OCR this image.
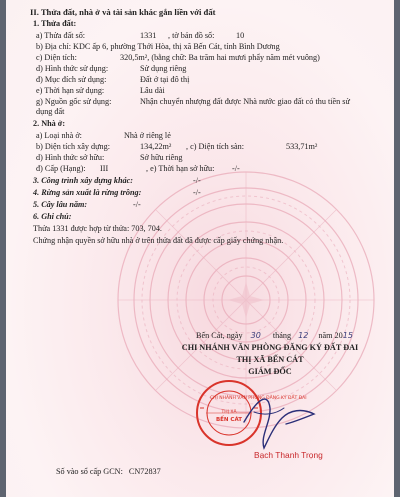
II. Thửa đất, nhà ở và tài sản khác gắn liền với đất
1. Thửa đất:
a) Thửa đất số:	1331 , tờ bản đồ số:	10
b) Địa chỉ: KDC ấp 6, phường Thới Hòa, thị xã Bến Cát, tỉnh Bình Dương
c) Diện tích:	320,5m², (bằng chữ: Ba trăm hai mươi phẩy năm mét vuông)
d) Hình thức sử dụng:	Sử dụng riêng
đ) Mục đích sử dụng:	Đất ở tại đô thị
e) Thời hạn sử dụng:	Lâu dài
g) Nguồn gốc sử dụng:	Nhận chuyển nhượng đất được Nhà nước giao đất có thu tiền sử
dụng đất
2. Nhà ở:
a) Loại nhà ở:	Nhà ở riêng lẻ
b) Diện tích xây dựng:	134,22m² , c) Diện tích sàn:	533,71m²
d) Hình thức sở hữu:	Sở hữu riêng
đ) Cấp (Hạng): III	, e) Thời hạn sở hữu: -/-
3. Công trình xây dựng khác:	-/-
4. Rừng sản xuất là rừng trồng:	-/-
5. Cây lâu năm:	-/-
6. Ghi chú:
Thửa 1331 được hợp từ thửa: 703, 704.
Chứng nhận quyền sở hữu nhà ở trên thửa đất đã được cấp giấy chứng nhận.
Bến Cát, ngày 30 tháng 12 năm 2015
CHI NHÁNH VĂN PHÒNG ĐĂNG KÝ ĐẤT ĐAI
THỊ XÃ BẾN CÁT
GIÁM ĐỐC
CHI NHÁNH VĂN PHÒNG ĐĂNG KÝ ĐẤT ĐAI
THỊ XÃ
BẾN CÁT
Bạch Thanh Trọng
Số vào sổ cấp GCN: CN72837
